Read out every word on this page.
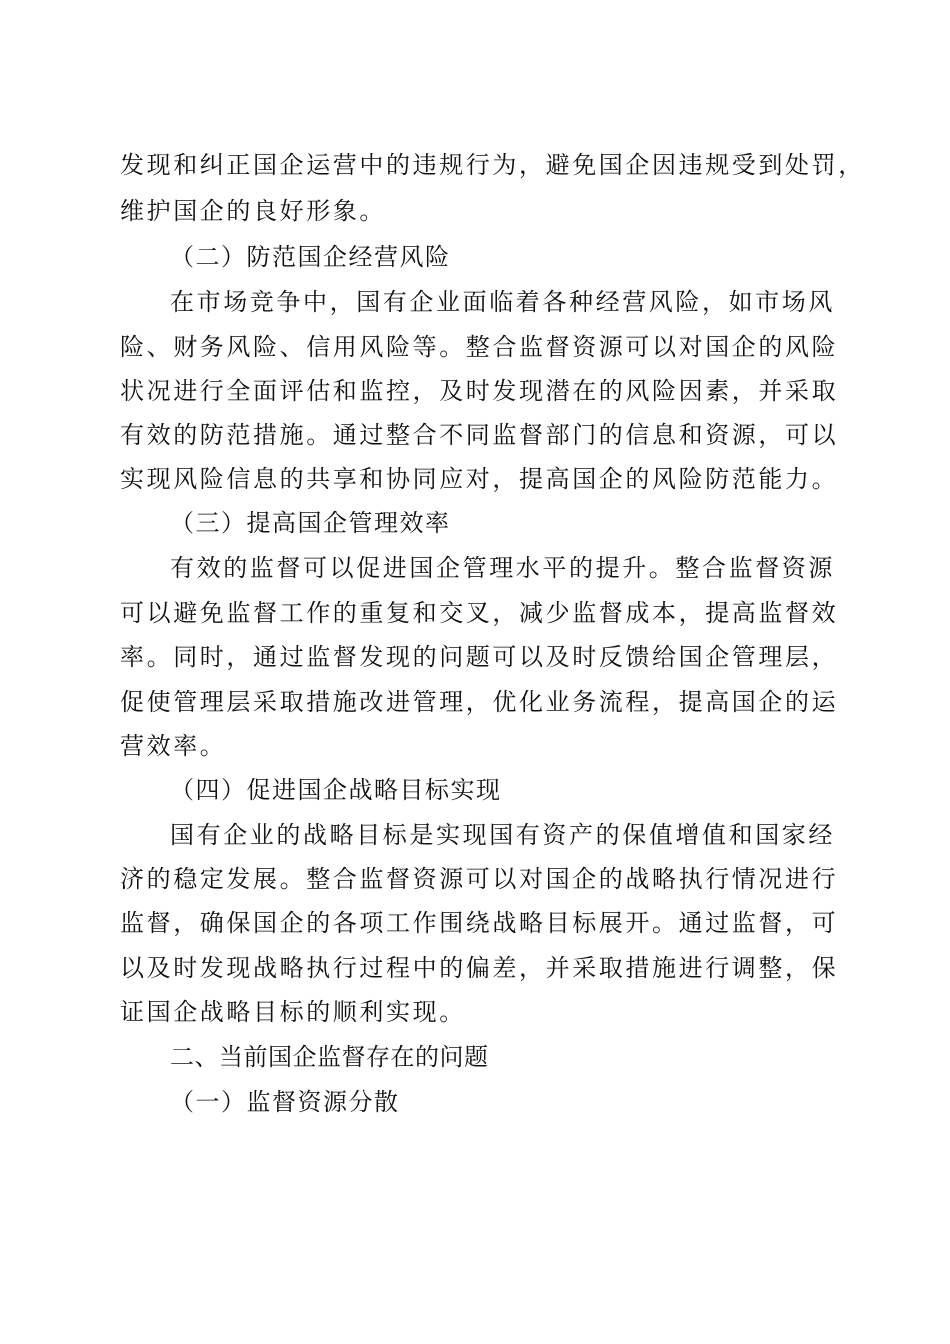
发现和纠正国企运营中的违规行为，避免国企因违规受到处罚，
维护国企的良好形象。
（二）防范国企经营风险
在市场竞争中，国有企业面临着各种经营风险，如市场风
险、财务风险、信用风险等。整合监督资源可以对国企的风险
状况进行全面评估和监控，及时发现潜在的风险因素，并采取
有效的防范措施。通过整合不同监督部门的信息和资源，可以
实现风险信息的共享和协同应对，提高国企的风险防范能力。
（三）提高国企管理效率
有效的监督可以促进国企管理水平的提升。整合监督资源
可以避免监督工作的重复和交叉，减少监督成本，提高监督效
率。同时，通过监督发现的问题可以及时反馈给国企管理层，
促使管理层采取措施改进管理，优化业务流程，提高国企的运
营效率。
（四）促进国企战略目标实现
国有企业的战略目标是实现国有资产的保值增值和国家经
济的稳定发展。整合监督资源可以对国企的战略执行情况进行
监督，确保国企的各项工作围绕战略目标展开。通过监督，可
以及时发现战略执行过程中的偏差，并采取措施进行调整，保
证国企战略目标的顺利实现。
二、当前国企监督存在的问题
（一）监督资源分散
